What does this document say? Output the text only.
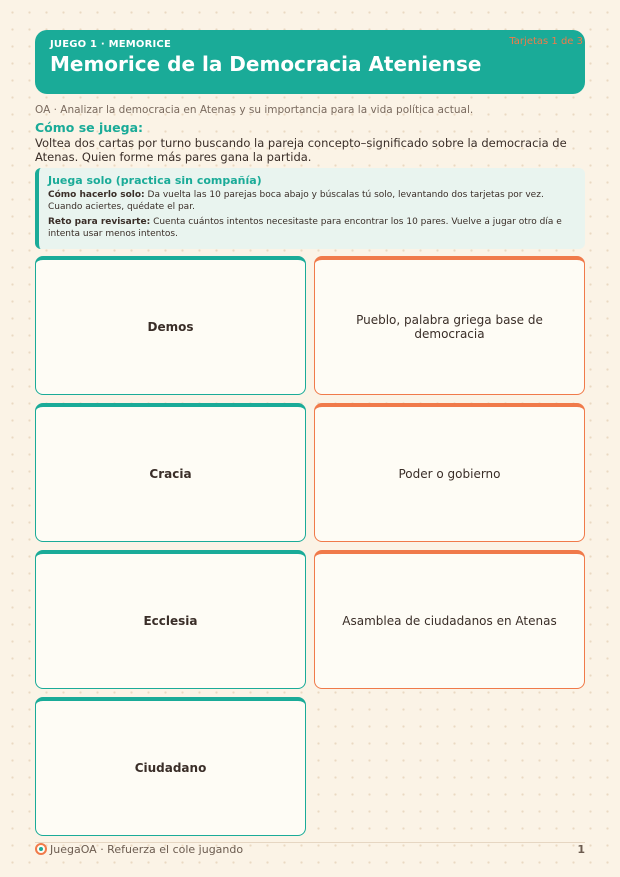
JUEGO 1 · MEMORICE
Memorice de la Democracia Ateniense
Tarjetas 1 de 3
OA · Analizar la democracia en Atenas y su importancia para la vida política actual.
Cómo se juega:
Voltea dos cartas por turno buscando la pareja concepto–significado sobre la democracia de Atenas. Quien forme más pares gana la partida.
Juega solo (practica sin compañía)

Cómo hacerlo solo: Da vuelta las 10 parejas boca abajo y búscalas tú solo, levantando dos tarjetas por vez. Cuando aciertes, quédate el par.

Reto para revisarte: Cuenta cuántos intentos necesitaste para encontrar los 10 pares. Vuelve a jugar otro día e intenta usar menos intentos.

Demos	Pueblo, palabra griega base de democracia
Cracia	Poder o gobierno
Ecclesia	Asamblea de ciudadanos en Atenas
Ciudadano
JuegaOA · Refuerza el cole jugando	1
